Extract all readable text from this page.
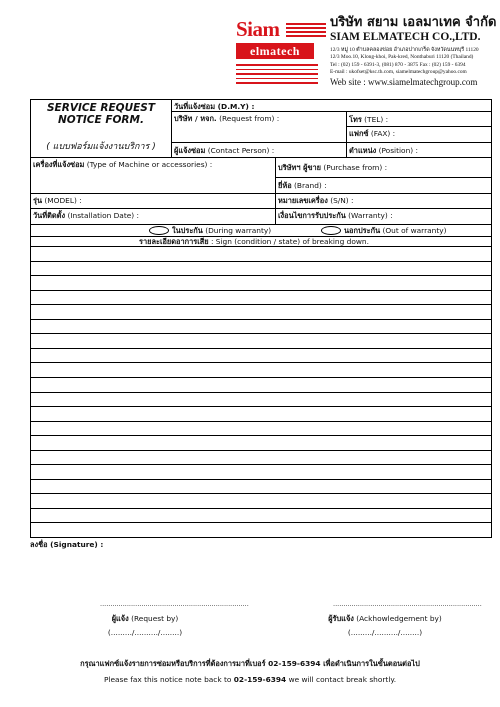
Siam
elmatech
บริษัท สยาม เอลมาเทค จำกัด
SIAM ELMATECH CO.,LTD.
12/3 หมู่ 10 ตำบลคลองข่อย อำเภอปากเกร็ด จังหวัดนนทบุรี 11120
12/3 Moo.10, Klong-khoi, Pak-kred, Nonthaburi 11120 (Thailand)
Tel : (02) 159 - 6391-3, (081) 870 - 3875 Fax : (02) 159 - 6394
E-mail : ukofset@ksc.th.com, siamelmatechgroup@yahoo.com
Web site : www.siamelmatechgroup.com
SERVICE REQUEST
NOTICE FORM.
( แบบฟอร์มแจ้งงานบริการ )
วันที่แจ้งซ่อม (D.M.Y) :
บริษัท / หจก. (Request from) :	โทร (TEL) :
แฟกซ์ (FAX) :
ผู้แจ้งซ่อม (Contact Person) :	ตำแหน่ง (Position) :
เครื่องที่แจ้งซ่อม (Type of Machine or accessories) :	บริษัทฯ ผู้ขาย (Purchase from) :
ยี่ห้อ (Brand) :
รุ่น (MODEL) :	หมายเลขเครื่อง (S/N) :
วันที่ติดตั้ง (Installation Date) :	เงื่อนไขการรับประกัน (Warranty) :
ในประกัน (During warranty)	นอกประกัน (Out of warranty)
รายละเอียดอาการเสีย : Sign (condition / state) of breaking down.
ลงชื่อ (Signature) :
........................................................................
ผู้แจ้ง (Request by)
(........./........../........)
........................................................................
ผู้รับแจ้ง (Ackhowledgement by)
(........./........../........)
กรุณาแฟกซ์แจ้งรายการซ่อมหรือบริการที่ต้องการมาที่เบอร์ 02-159-6394 เพื่อดำเนินการในขั้นตอนต่อไป
Please fax this notice note back to 02-159-6394 we will contact break shortly.
